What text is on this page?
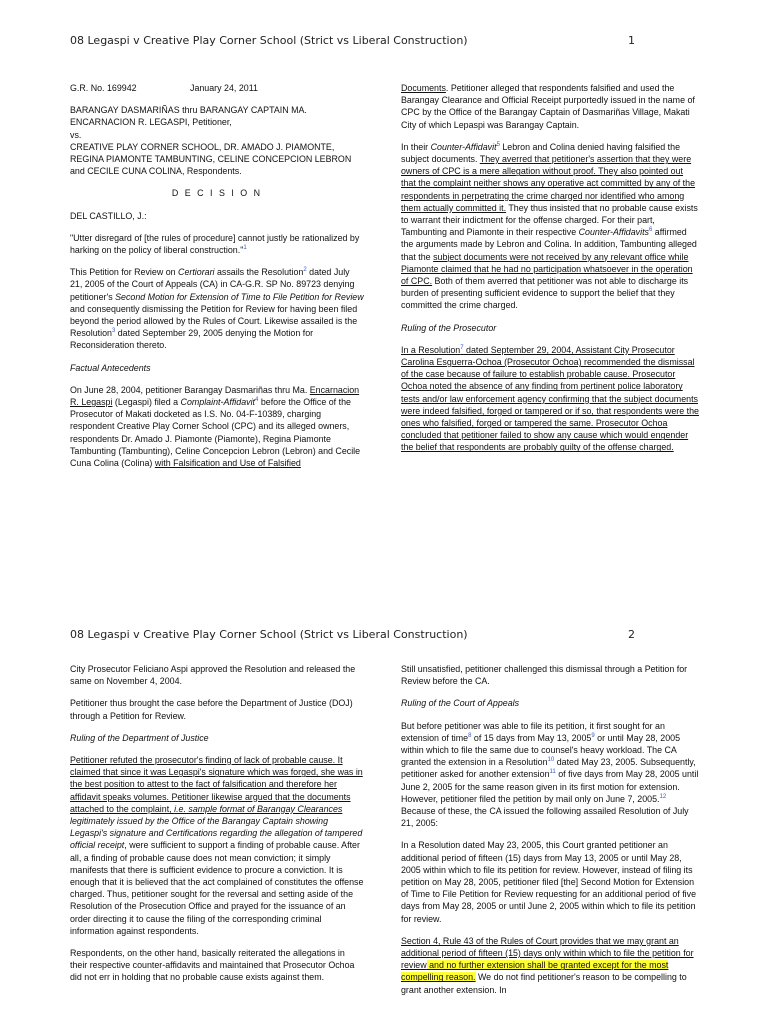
08 Legaspi v Creative Play Corner School (Strict vs Liberal Construction)	1

G.R. No. 169942	January 24, 2011

BARANGAY DASMARIÑAS thru BARANGAY CAPTAIN MA. ENCARNACION R. LEGASPI, Petitioner,

vs.

CREATIVE PLAY CORNER SCHOOL, DR. AMADO J. PIAMONTE, REGINA PIAMONTE TAMBUNTING, CELINE CONCEPCION LEBRON and CECILE CUNA COLINA, Respondents.

D E C I S I O N

DEL CASTILLO, J.:

"Utter disregard of [the rules of procedure] cannot justly be rationalized by harking on the policy of liberal construction."$^1$

This Petition for Review on Certiorari assails the Resolution$^2$ dated July 21, 2005 of the Court of Appeals (CA) in CA-G.R. SP No. 89723 denying petitioner's Second Motion for Extension of Time to File Petition for Review and consequently dismissing the Petition for Review for having been filed beyond the period allowed by the Rules of Court. Likewise assailed is the Resolution$^3$ dated September 29, 2005 denying the Motion for Reconsideration thereto.

Factual Antecedents

On June 28, 2004, petitioner Barangay Dasmariñas thru Ma. Encarnacion R. Legaspi (Legaspi) filed a Complaint-Affidavit$^4$ before the Office of the Prosecutor of Makati docketed as I.S. No. 04-F-10389, charging respondent Creative Play Corner School (CPC) and its alleged owners, respondents Dr. Amado J. Piamonte (Piamonte), Regina Piamonte Tambunting (Tambunting), Celine Concepcion Lebron (Lebron) and Cecile Cuna Colina (Colina) with Falsification and Use of Falsified

Documents. Petitioner alleged that respondents falsified and used the Barangay Clearance and Official Receipt purportedly issued in the name of CPC by the Office of the Barangay Captain of Dasmariñas Village, Makati City of which Lepaspi was Barangay Captain.

In their Counter-Affidavit$^5$ Lebron and Colina denied having falsified the subject documents. They averred that petitioner's assertion that they were owners of CPC is a mere allegation without proof. They also pointed out that the complaint neither shows any operative act committed by any of the respondents in perpetrating the crime charged nor identified who among them actually committed it. They thus insisted that no probable cause exists to warrant their indictment for the offense charged. For their part, Tambunting and Piamonte in their respective Counter-Affidavits$^6$ affirmed the arguments made by Lebron and Colina. In addition, Tambunting alleged that the subject documents were not received by any relevant office while Piamonte claimed that he had no participation whatsoever in the operation of CPC. Both of them averred that petitioner was not able to discharge its burden of presenting sufficient evidence to support the belief that they committed the crime charged.

Ruling of the Prosecutor

In a Resolution$^7$ dated September 29, 2004, Assistant City Prosecutor Carolina Esguerra-Ochoa (Prosecutor Ochoa) recommended the dismissal of the case because of failure to establish probable cause. Prosecutor Ochoa noted the absence of any finding from pertinent police laboratory tests and/or law enforcement agency confirming that the subject documents were indeed falsified, forged or tampered or if so, that respondents were the ones who falsified, forged or tampered the same. Prosecutor Ochoa concluded that petitioner failed to show any cause which would engender the belief that respondents are probably guilty of the offense charged.

08 Legaspi v Creative Play Corner School (Strict vs Liberal Construction)	2

City Prosecutor Feliciano Aspi approved the Resolution and released the same on November 4, 2004.

Petitioner thus brought the case before the Department of Justice (DOJ) through a Petition for Review.

Ruling of the Department of Justice

Petitioner refuted the prosecutor's finding of lack of probable cause. It claimed that since it was Legaspi's signature which was forged, she was in the best position to attest to the fact of falsification and therefore her affidavit speaks volumes. Petitioner likewise argued that the documents attached to the complaint, i.e. sample format of Barangay Clearances legitimately issued by the Office of the Barangay Captain showing Legaspi's signature and Certifications regarding the allegation of tampered official receipt, were sufficient to support a finding of probable cause. After all, a finding of probable cause does not mean conviction; it simply manifests that there is sufficient evidence to procure a conviction. It is enough that it is believed that the act complained of constitutes the offense charged. Thus, petitioner sought for the reversal and setting aside of the Resolution of the Prosecution Office and prayed for the issuance of an order directing it to cause the filing of the corresponding criminal information against respondents.

Respondents, on the other hand, basically reiterated the allegations in their respective counter-affidavits and maintained that Prosecutor Ochoa did not err in holding that no probable cause exists against them.

Still unsatisfied, petitioner challenged this dismissal through a Petition for Review before the CA.

Ruling of the Court of Appeals

But before petitioner was able to file its petition, it first sought for an extension of time$^8$ of 15 days from May 13, 2005$^9$ or until May 28, 2005 within which to file the same due to counsel's heavy workload. The CA granted the extension in a Resolution$^{10}$ dated May 23, 2005. Subsequently, petitioner asked for another extension$^{11}$ of five days from May 28, 2005 until June 2, 2005 for the same reason given in its first motion for extension. However, petitioner filed the petition by mail only on June 7, 2005.12 Because of these, the CA issued the following assailed Resolution of July 21, 2005:

In a Resolution dated May 23, 2005, this Court granted petitioner an additional period of fifteen (15) days from May 13, 2005 or until May 28, 2005 within which to file its petition for review. However, instead of filing its petition on May 28, 2005, petitioner filed [the] Second Motion for Extension of Time to File Petition for Review requesting for an additional period of five days from May 28, 2005 or until June 2, 2005 within which to file its petition for review.

Section 4, Rule 43 of the Rules of Court provides that we may grant an additional period of fifteen (15) days only within which to file the petition for review and no further extension shall be granted except for the most compelling reason. We do not find petitioner's reason to be compelling to grant another extension. In
